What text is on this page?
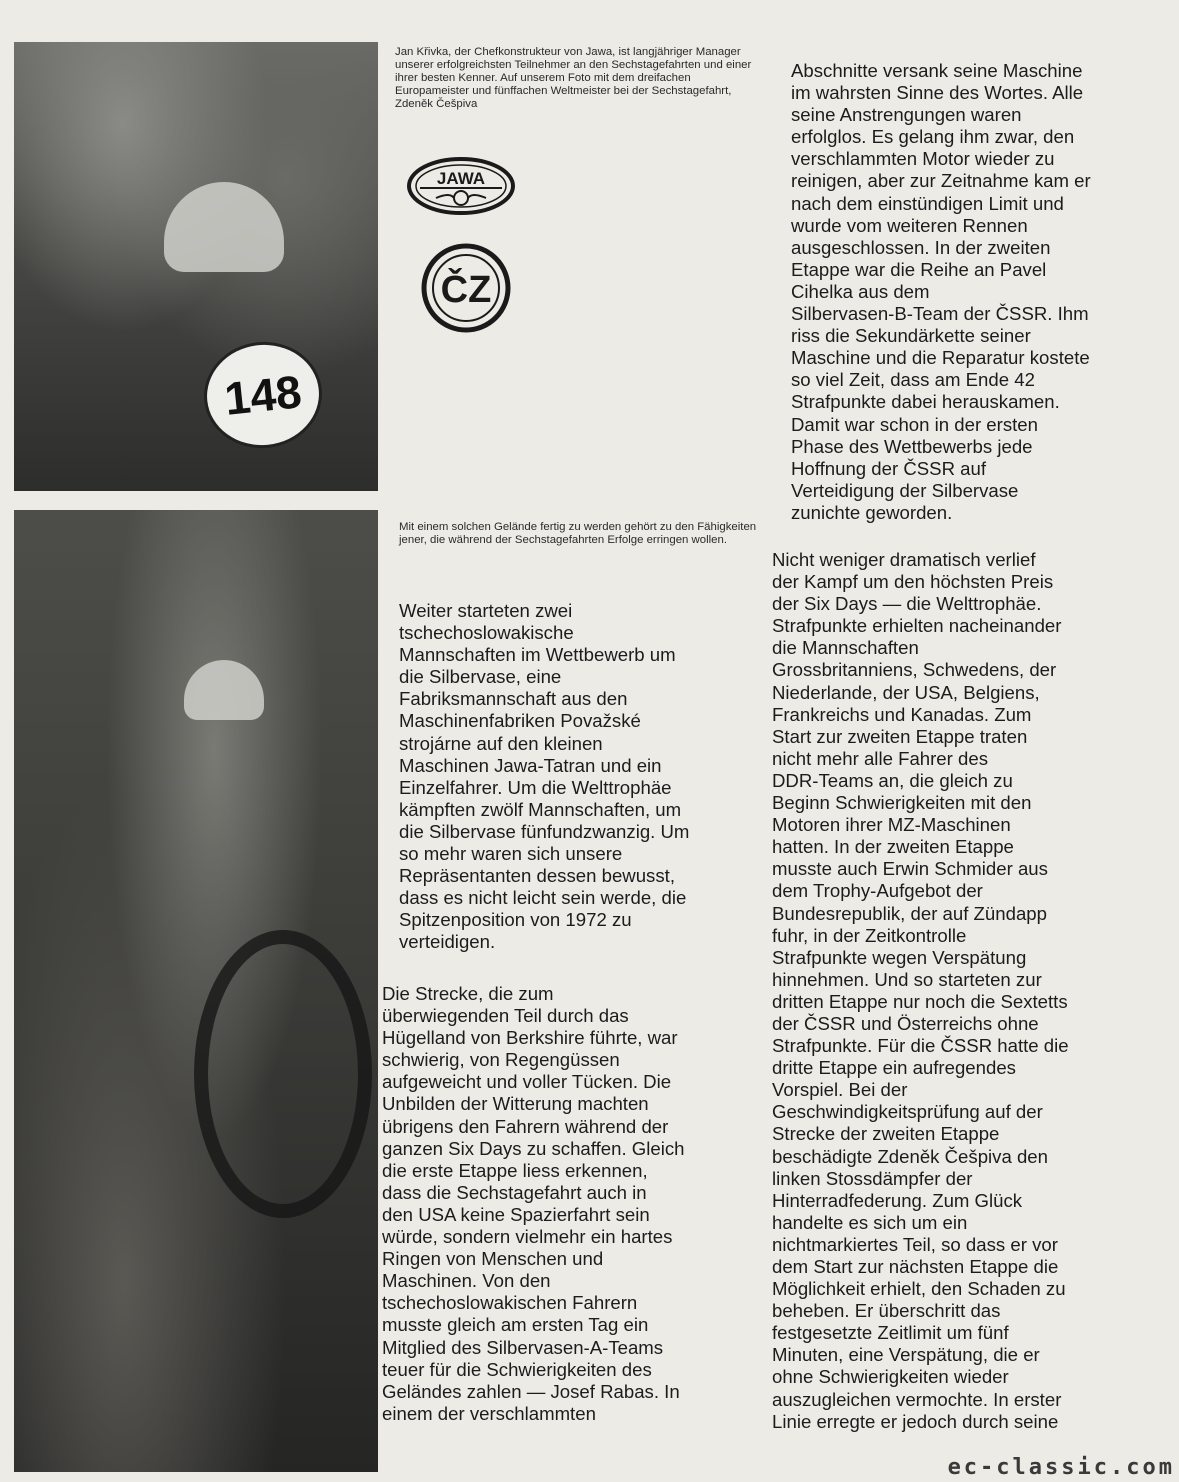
148

Jan Křivka, der Chefkonstrukteur von Jawa, ist langjähriger Manager unserer erfolgreichsten Teilnehmer an den Sechstagefahrten und einer ihrer besten Kenner. Auf unserem Foto mit dem dreifachen Europameister und fünffachen Weltmeister bei der Sechstagefahrt, Zdeněk Češpiva

JAWA
ČZ

Mit einem solchen Gelände fertig zu werden gehört zu den Fähigkeiten jener, die während der Sechstagefahrten Erfolge erringen wollen.

Weiter starteten zwei
tschechoslowakische
Mannschaften im Wettbewerb um
die Silbervase, eine
Fabriksmannschaft aus den
Maschinenfabriken Považské
strojárne auf den kleinen
Maschinen Jawa-Tatran und ein
Einzelfahrer. Um die Welttrophäe
kämpften zwölf Mannschaften, um
die Silbervase fünfundzwanzig. Um
so mehr waren sich unsere
Repräsentanten dessen bewusst,
dass es nicht leicht sein werde, die
Spitzenposition von 1972 zu
verteidigen.

Die Strecke, die zum
überwiegenden Teil durch das
Hügelland von Berkshire führte, war
schwierig, von Regengüssen
aufgeweicht und voller Tücken. Die
Unbilden der Witterung machten
übrigens den Fahrern während der
ganzen Six Days zu schaffen. Gleich
die erste Etappe liess erkennen,
dass die Sechstagefahrt auch in
den USA keine Spazierfahrt sein
würde, sondern vielmehr ein hartes
Ringen von Menschen und
Maschinen. Von den
tschechoslowakischen Fahrern
musste gleich am ersten Tag ein
Mitglied des Silbervasen-A-Teams
teuer für die Schwierigkeiten des
Geländes zahlen — Josef Rabas. In
einem der verschlammten

Abschnitte versank seine Maschine
im wahrsten Sinne des Wortes. Alle
seine Anstrengungen waren
erfolglos. Es gelang ihm zwar, den
verschlammten Motor wieder zu
reinigen, aber zur Zeitnahme kam er
nach dem einstündigen Limit und
wurde vom weiteren Rennen
ausgeschlossen. In der zweiten
Etappe war die Reihe an Pavel
Cihelka aus dem
Silbervasen-B-Team der ČSSR. Ihm
riss die Sekundärkette seiner
Maschine und die Reparatur kostete
so viel Zeit, dass am Ende 42
Strafpunkte dabei herauskamen.
Damit war schon in der ersten
Phase des Wettbewerbs jede
Hoffnung der ČSSR auf
Verteidigung der Silbervase
zunichte geworden.

Nicht weniger dramatisch verlief
der Kampf um den höchsten Preis
der Six Days — die Welttrophäe.
Strafpunkte erhielten nacheinander
die Mannschaften
Grossbritanniens, Schwedens, der
Niederlande, der USA, Belgiens,
Frankreichs und Kanadas. Zum
Start zur zweiten Etappe traten
nicht mehr alle Fahrer des
DDR-Teams an, die gleich zu
Beginn Schwierigkeiten mit den
Motoren ihrer MZ-Maschinen
hatten. In der zweiten Etappe
musste auch Erwin Schmider aus
dem Trophy-Aufgebot der
Bundesrepublik, der auf Zündapp
fuhr, in der Zeitkontrolle
Strafpunkte wegen Verspätung
hinnehmen. Und so starteten zur
dritten Etappe nur noch die Sextetts
der ČSSR und Österreichs ohne
Strafpunkte. Für die ČSSR hatte die
dritte Etappe ein aufregendes
Vorspiel. Bei der
Geschwindigkeitsprüfung auf der
Strecke der zweiten Etappe
beschädigte Zdeněk Češpiva den
linken Stossdämpfer der
Hinterradfederung. Zum Glück
handelte es sich um ein
nichtmarkiertes Teil, so dass er vor
dem Start zur nächsten Etappe die
Möglichkeit erhielt, den Schaden zu
beheben. Er überschritt das
festgesetzte Zeitlimit um fünf
Minuten, eine Verspätung, die er
ohne Schwierigkeiten wieder
auszugleichen vermochte. In erster
Linie erregte er jedoch durch seine

ec-classic.com
